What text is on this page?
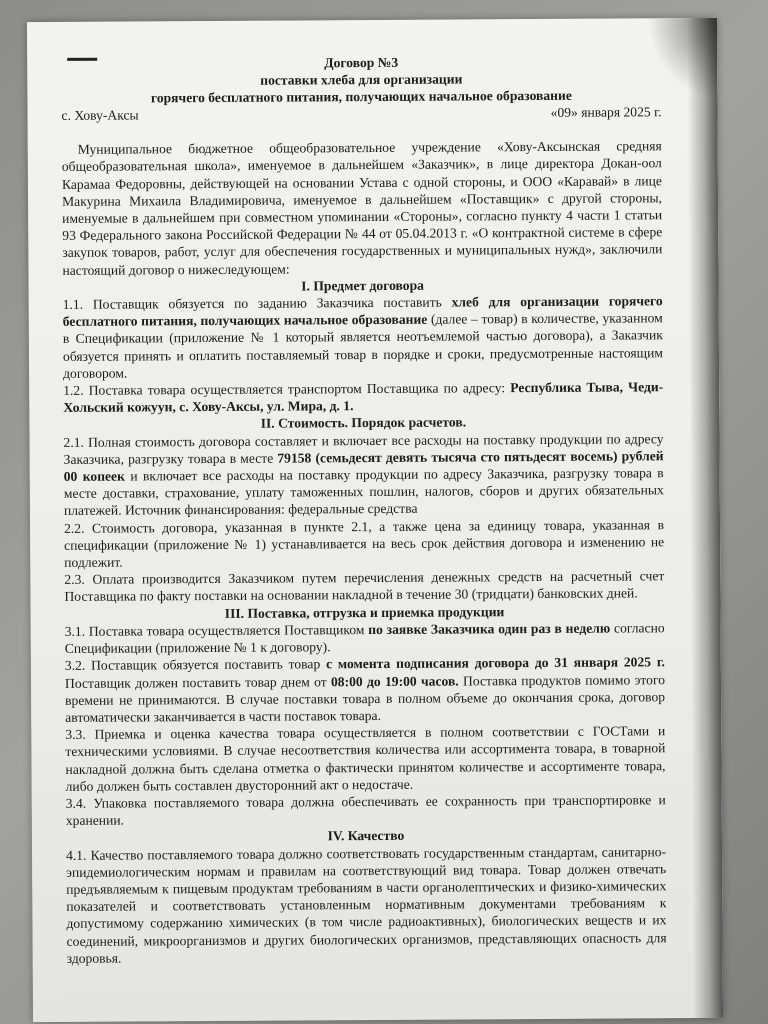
Договор №3
поставки хлеба для организации
горячего бесплатного питания, получающих начальное образование
с. Хову-Аксы	«09» января 2025 г.

Муниципальное бюджетное общеобразовательное учреждение «Хову-Аксынская средняя общеобразовательная школа», именуемое в дальнейшем «Заказчик», в лице директора Докан-оол Карамаа Федоровны, действующей на основании Устава с одной стороны, и ООО «Каравай» в лице Макурина Михаила Владимировича, именуемое в дальнейшем «Поставщик» с другой стороны, именуемые в дальнейшем при совместном упоминании «Стороны», согласно пункту 4 части 1 статьи 93 Федерального закона Российской Федерации № 44 от 05.04.2013 г. «О контрактной системе в сфере закупок товаров, работ, услуг для обеспечения государственных и муниципальных нужд», заключили настоящий договор о нижеследующем:

I. Предмет договора

1.1. Поставщик обязуется по заданию Заказчика поставить хлеб для организации горячего бесплатного питания, получающих начальное образование (далее – товар) в количестве, указанном в Спецификации (приложение № 1 который является неотъемлемой частью договора), а Заказчик обязуется принять и оплатить поставляемый товар в порядке и сроки, предусмотренные настоящим договором.

1.2. Поставка товара осуществляется транспортом Поставщика по адресу: Республика Тыва, Чеди-Хольский кожуун, с. Хову-Аксы, ул. Мира, д. 1.

II. Стоимость. Порядок расчетов.

2.1. Полная стоимость договора составляет и включает все расходы на поставку продукции по адресу Заказчика, разгрузку товара в месте 79158 (семьдесят девять тысяча сто пятьдесят восемь) рублей 00 копеек и включает все расходы на поставку продукции по адресу Заказчика, разгрузку товара в месте доставки, страхование, уплату таможенных пошлин, налогов, сборов и других обязательных платежей. Источник финансирования: федеральные средства

2.2. Стоимость договора, указанная в пункте 2.1, а также цена за единицу товара, указанная в спецификации (приложение № 1) устанавливается на весь срок действия договора и изменению не подлежит.

2.3. Оплата производится Заказчиком путем перечисления денежных средств на расчетный счет Поставщика по факту поставки на основании накладной в течение 30 (тридцати) банковских дней.

III. Поставка, отгрузка и приемка продукции

3.1. Поставка товара осуществляется Поставщиком по заявке Заказчика один раз в неделю согласно Спецификации (приложение № 1 к договору).

3.2. Поставщик обязуется поставить товар с момента подписания договора до 31 января 2025 г. Поставщик должен поставить товар днем от 08:00 до 19:00 часов. Поставка продуктов помимо этого времени не принимаются. В случае поставки товара в полном объеме до окончания срока, договор автоматически заканчивается в части поставок товара.

3.3. Приемка и оценка качества товара осуществляется в полном соответствии с ГОСТами и техническими условиями. В случае несоответствия количества или ассортимента товара, в товарной накладной должна быть сделана отметка о фактически принятом количестве и ассортименте товара, либо должен быть составлен двусторонний акт о недостаче.

3.4. Упаковка поставляемого товара должна обеспечивать ее сохранность при транспортировке и хранении.

IV. Качество

4.1. Качество поставляемого товара должно соответствовать государственным стандартам, санитарно-эпидемиологическим нормам и правилам на соответствующий вид товара. Товар должен отвечать предъявляемым к пищевым продуктам требованиям в части органолептических и физико-химических показателей и соответствовать установленным нормативным документами требованиям к допустимому содержанию химических (в том числе радиоактивных), биологических веществ и их соединений, микроорганизмов и других биологических организмов, представляющих опасность для здоровья.
